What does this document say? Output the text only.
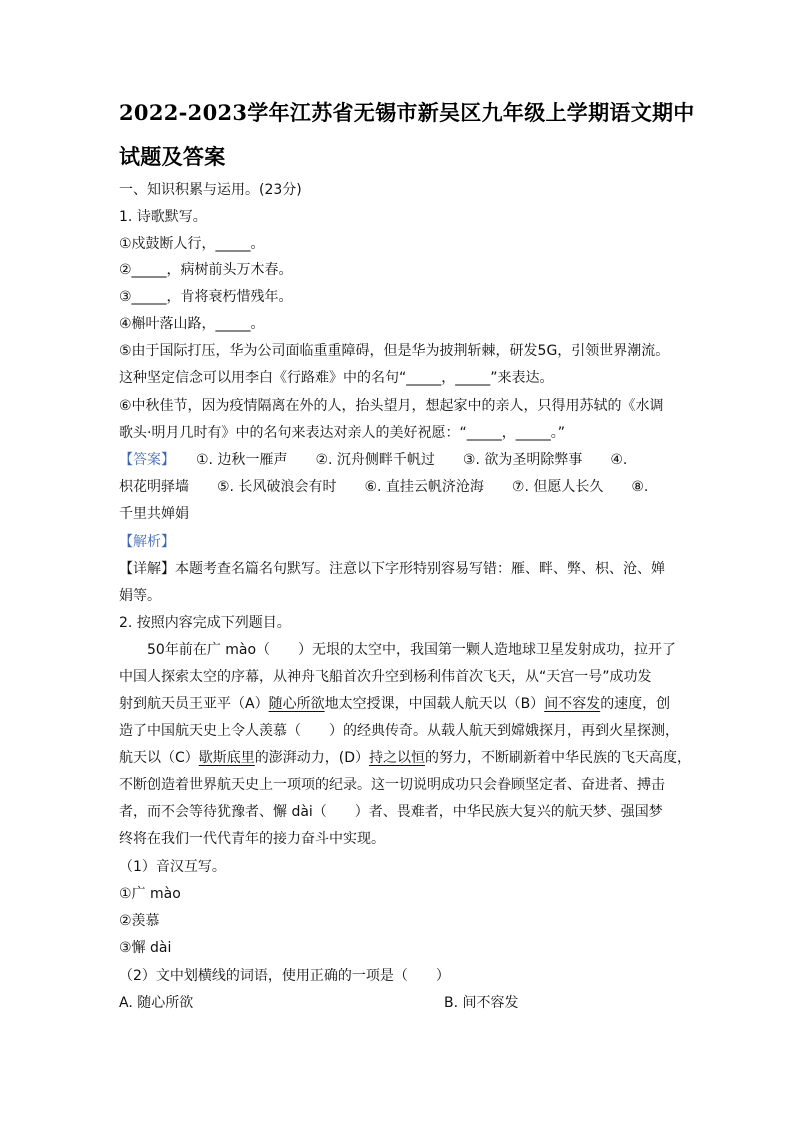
2022-2023学年江苏省无锡市新吴区九年级上学期语文期中
试题及答案
一、知识积累与运用。(23分)
1. 诗歌默写。
①戍鼓断人行，_____。
②_____，病树前头万木春。
③_____，肯将衰朽惜残年。
④槲叶落山路，_____。
⑤由于国际打压，华为公司面临重重障碍，但是华为披荆斩棘，研发5G，引领世界潮流。
这种坚定信念可以用李白《行路难》中的名句“_____，_____”来表达。
⑥中秋佳节，因为疫情隔离在外的人，抬头望月，想起家中的亲人，只得用苏轼的《水调
歌头·明月几时有》中的名句来表达对亲人的美好祝愿：“_____，_____。”
【答案】　　 ①. 边秋一雁声　　②. 沉舟侧畔千帆过　　③. 欲为圣明除弊事　　④.
枳花明驿墙　　⑤. 长风破浪会有时　　⑥. 直挂云帆济沧海　　⑦. 但愿人长久　　⑧.
千里共婵娟
【解析】
【详解】本题考查名篇名句默写。注意以下字形特别容易写错：雁、畔、弊、枳、沧、婵
娟等。
2. 按照内容完成下列题目。
50年前在广 mào（　　）无垠的太空中，我国第一颗人造地球卫星发射成功，拉开了
中国人探索太空的序幕，从神舟飞船首次升空到杨利伟首次飞天，从“天宫一号”成功发
射到航天员王亚平（A）随心所欲地太空授课，中国载人航天以（B）间不容发的速度，创
造了中国航天史上令人羡慕（　　）的经典传奇。从载人航天到嫦娥探月，再到火星探测，
航天以（C）歇斯底里的澎湃动力，(D）持之以恒的努力，不断刷新着中华民族的飞天高度，
不断创造着世界航天史上一项项的纪录。这一切说明成功只会眷顾坚定者、奋进者、搏击
者，而不会等待犹豫者、懈 dài（　　）者、畏难者，中华民族大复兴的航天梦、强国梦
终将在我们一代代青年的接力奋斗中实现。
（1）音汉互写。
①广 mào
②羡慕
③懈 dài
（2）文中划横线的词语，使用正确的一项是（　　）
A. 随心所欲	B. 间不容发
